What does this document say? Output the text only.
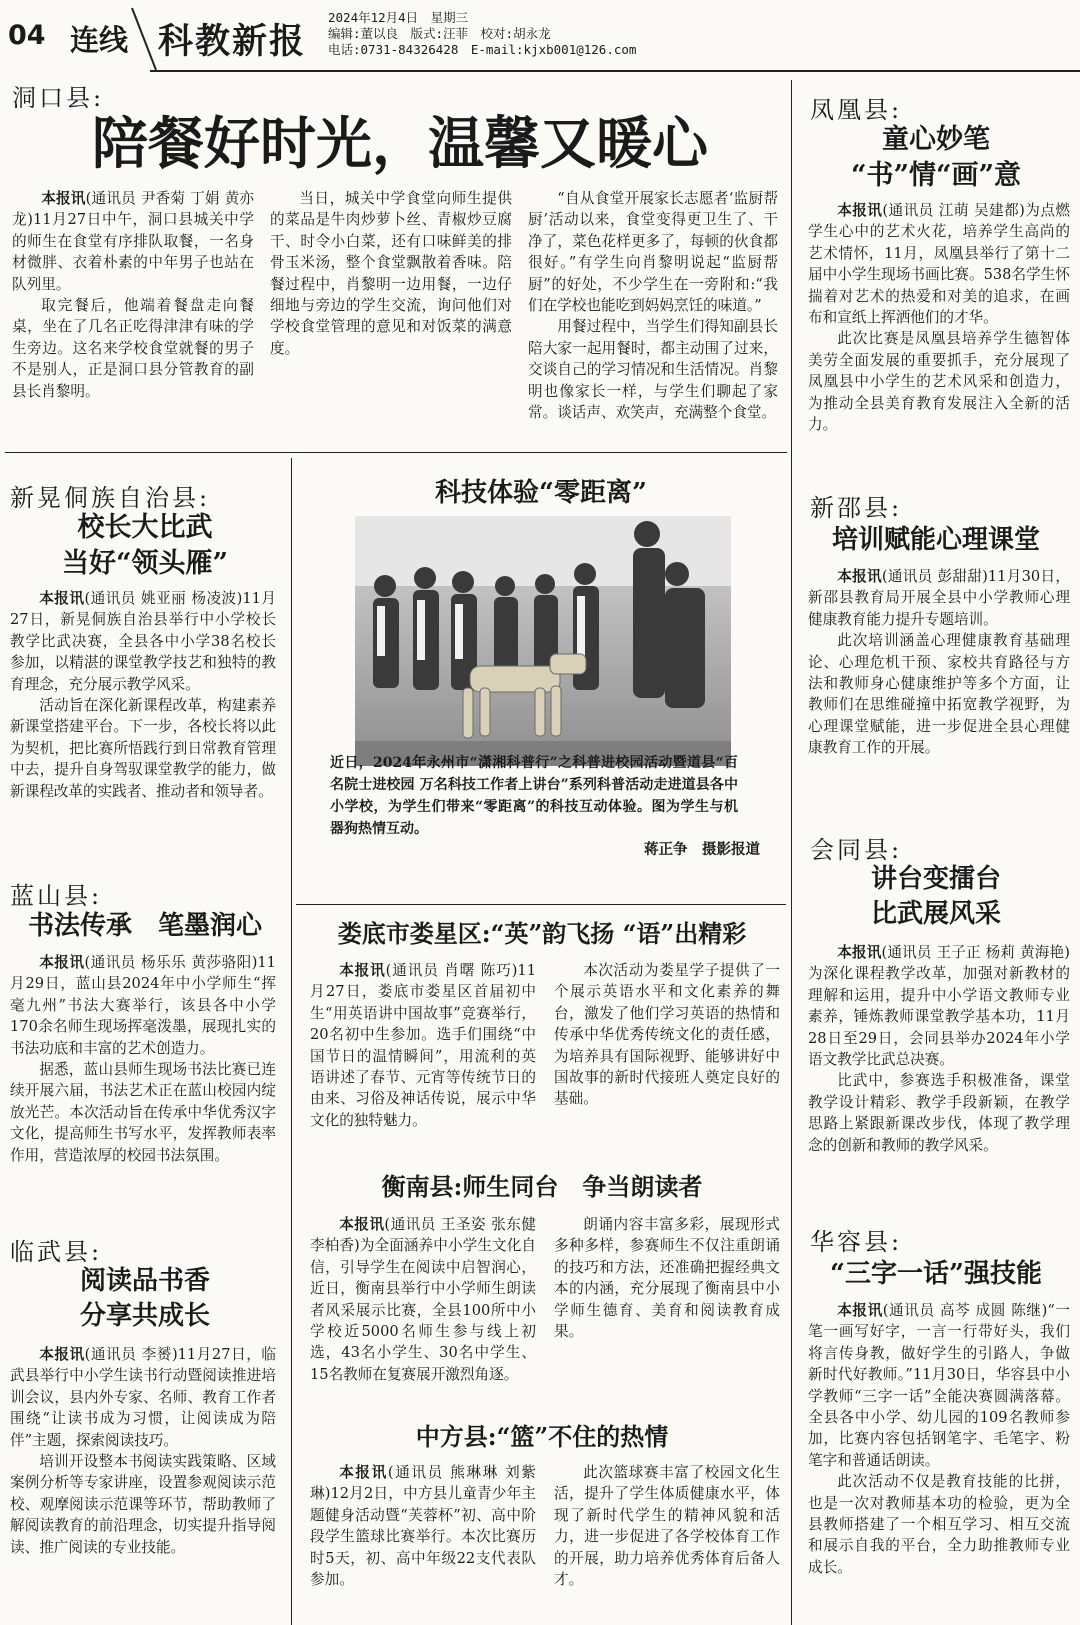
04 连线 科教新报
2024年12月4日　星期三
编辑:董以良　版式:汪菲　校对:胡永龙
电话:0731-84326428　E-mail:kjxb001@126.com
洞口县:
陪餐好时光，温馨又暖心

本报讯(通讯员 尹香菊 丁娟 黄亦龙)11月27日中午，洞口县城关中学的师生在食堂有序排队取餐，一名身材微胖、衣着朴素的中年男子也站在队列里。

取完餐后，他端着餐盘走向餐桌，坐在了几名正吃得津津有味的学生旁边。这名来学校食堂就餐的男子不是别人，正是洞口县分管教育的副县长肖黎明。

当日，城关中学食堂向师生提供的菜品是牛肉炒萝卜丝、青椒炒豆腐干、时令小白菜，还有口味鲜美的排骨玉米汤，整个食堂飘散着香味。陪餐过程中，肖黎明一边用餐，一边仔细地与旁边的学生交流，询问他们对学校食堂管理的意见和对饭菜的满意度。

“自从食堂开展家长志愿者‘监厨帮厨’活动以来，食堂变得更卫生了、干净了，菜色花样更多了，每顿的伙食都很好。”有学生向肖黎明说起“监厨帮厨”的好处，不少学生在一旁附和:“我们在学校也能吃到妈妈烹饪的味道。”

用餐过程中，当学生们得知副县长陪大家一起用餐时，都主动围了过来，交谈自己的学习情况和生活情况。肖黎明也像家长一样，与学生们聊起了家常。谈话声、欢笑声，充满整个食堂。

凤凰县:
童心妙笔
“书”情“画”意

本报讯(通讯员 江萌 吴建都)为点燃学生心中的艺术火花，培养学生高尚的艺术情怀，11月，凤凰县举行了第十二届中小学生现场书画比赛。538名学生怀揣着对艺术的热爱和对美的追求，在画布和宣纸上挥洒他们的才华。

此次比赛是凤凰县培养学生德智体美劳全面发展的重要抓手，充分展现了凤凰县中小学生的艺术风采和创造力，为推动全县美育教育发展注入全新的活力。

新晃侗族自治县:
校长大比武
当好“领头雁”

本报讯(通讯员 姚亚丽 杨凌波)11月27日，新晃侗族自治县举行中小学校长教学比武决赛，全县各中小学38名校长参加，以精湛的课堂教学技艺和独特的教育理念，充分展示教学风采。

活动旨在深化新课程改革，构建素养新课堂搭建平台。下一步，各校长将以此为契机，把比赛所悟践行到日常教育管理中去，提升自身驾驭课堂教学的能力，做新课程改革的实践者、推动者和领导者。

科技体验“零距离”
近日，2024年永州市“潇湘科普行”之科普进校园活动暨道县“百名院士进校园 万名科技工作者上讲台”系列科普活动走进道县各中小学校，为学生们带来“零距离”的科技互动体验。图为学生与机器狗热情互动。
蒋正争　摄影报道
新邵县:
培训赋能心理课堂

本报讯(通讯员 彭甜甜)11月30日，新邵县教育局开展全县中小学教师心理健康教育能力提升专题培训。

此次培训涵盖心理健康教育基础理论、心理危机干预、家校共育路径与方法和教师身心健康维护等多个方面，让教师们在思维碰撞中拓宽教学视野，为心理课堂赋能，进一步促进全县心理健康教育工作的开展。

会同县:
讲台变擂台
比武展风采

本报讯(通讯员 王子正 杨莉 黄海艳)为深化课程教学改革，加强对新教材的理解和运用，提升中小学语文教师专业素养，锤炼教师课堂教学基本功，11月28日至29日，会同县举办2024年小学语文教学比武总决赛。

比武中，参赛选手积极准备，课堂教学设计精彩、教学手段新颖，在教学思路上紧跟新课改步伐，体现了教学理念的创新和教师的教学风采。

娄底市娄星区:“英”韵飞扬 “语”出精彩

本报讯(通讯员 肖曙 陈巧)11月27日，娄底市娄星区首届初中生“用英语讲中国故事”竞赛举行，20名初中生参加。选手们围绕“中国节日的温情瞬间”，用流利的英语讲述了春节、元宵等传统节日的由来、习俗及神话传说，展示中华文化的独特魅力。

本次活动为娄星学子提供了一个展示英语水平和文化素养的舞台，激发了他们学习英语的热情和传承中华优秀传统文化的责任感，为培养具有国际视野、能够讲好中国故事的新时代接班人奠定良好的基础。

蓝山县:
书法传承　笔墨润心

本报讯(通讯员 杨乐乐 黄莎骆阳)11月29日，蓝山县2024年中小学师生“挥毫九州”书法大赛举行，该县各中小学170余名师生现场挥毫泼墨，展现扎实的书法功底和丰富的艺术创造力。

据悉，蓝山县师生现场书法比赛已连续开展六届，书法艺术正在蓝山校园内绽放光芒。本次活动旨在传承中华优秀汉字文化，提高师生书写水平，发挥教师表率作用，营造浓厚的校园书法氛围。

衡南县:师生同台　争当朗读者

本报讯(通讯员 王圣姿 张东健 李柏香)为全面涵养中小学生文化自信，引导学生在阅读中启智润心，近日，衡南县举行中小学师生朗读者风采展示比赛，全县100所中小学校近5000名师生参与线上初选，43名小学生、30名中学生、15名教师在复赛展开激烈角逐。

朗诵内容丰富多彩，展现形式多种多样，参赛师生不仅注重朗诵的技巧和方法，还准确把握经典文本的内涵，充分展现了衡南县中小学师生德育、美育和阅读教育成果。

临武县:
阅读品书香
分享共成长

本报讯(通讯员 李赟)11月27日，临武县举行中小学生读书行动暨阅读推进培训会议，县内外专家、名师、教育工作者围绕“让读书成为习惯，让阅读成为陪伴”主题，探索阅读技巧。

培训开设整本书阅读实践策略、区域案例分析等专家讲座，设置参观阅读示范校、观摩阅读示范课等环节，帮助教师了解阅读教育的前沿理念，切实提升指导阅读、推广阅读的专业技能。

中方县:“篮”不住的热情

本报讯(通讯员 熊琳琳 刘紫琳)12月2日，中方县儿童青少年主题健身活动暨“芙蓉杯”初、高中阶段学生篮球比赛举行。本次比赛历时5天，初、高中年级22支代表队参加。

此次篮球赛丰富了校园文化生活，提升了学生体质健康水平，体现了新时代学生的精神风貌和活力，进一步促进了各学校体育工作的开展，助力培养优秀体育后备人才。

华容县:
“三字一话”强技能

本报讯(通讯员 高芩 成圆 陈继)“一笔一画写好字，一言一行带好头，我们将言传身教，做好学生的引路人，争做新时代好教师。”11月30日，华容县中小学教师“三字一话”全能决赛圆满落幕。全县各中小学、幼儿园的109名教师参加，比赛内容包括钢笔字、毛笔字、粉笔字和普通话朗读。

此次活动不仅是教育技能的比拼，也是一次对教师基本功的检验，更为全县教师搭建了一个相互学习、相互交流和展示自我的平台，全力助推教师专业成长。
